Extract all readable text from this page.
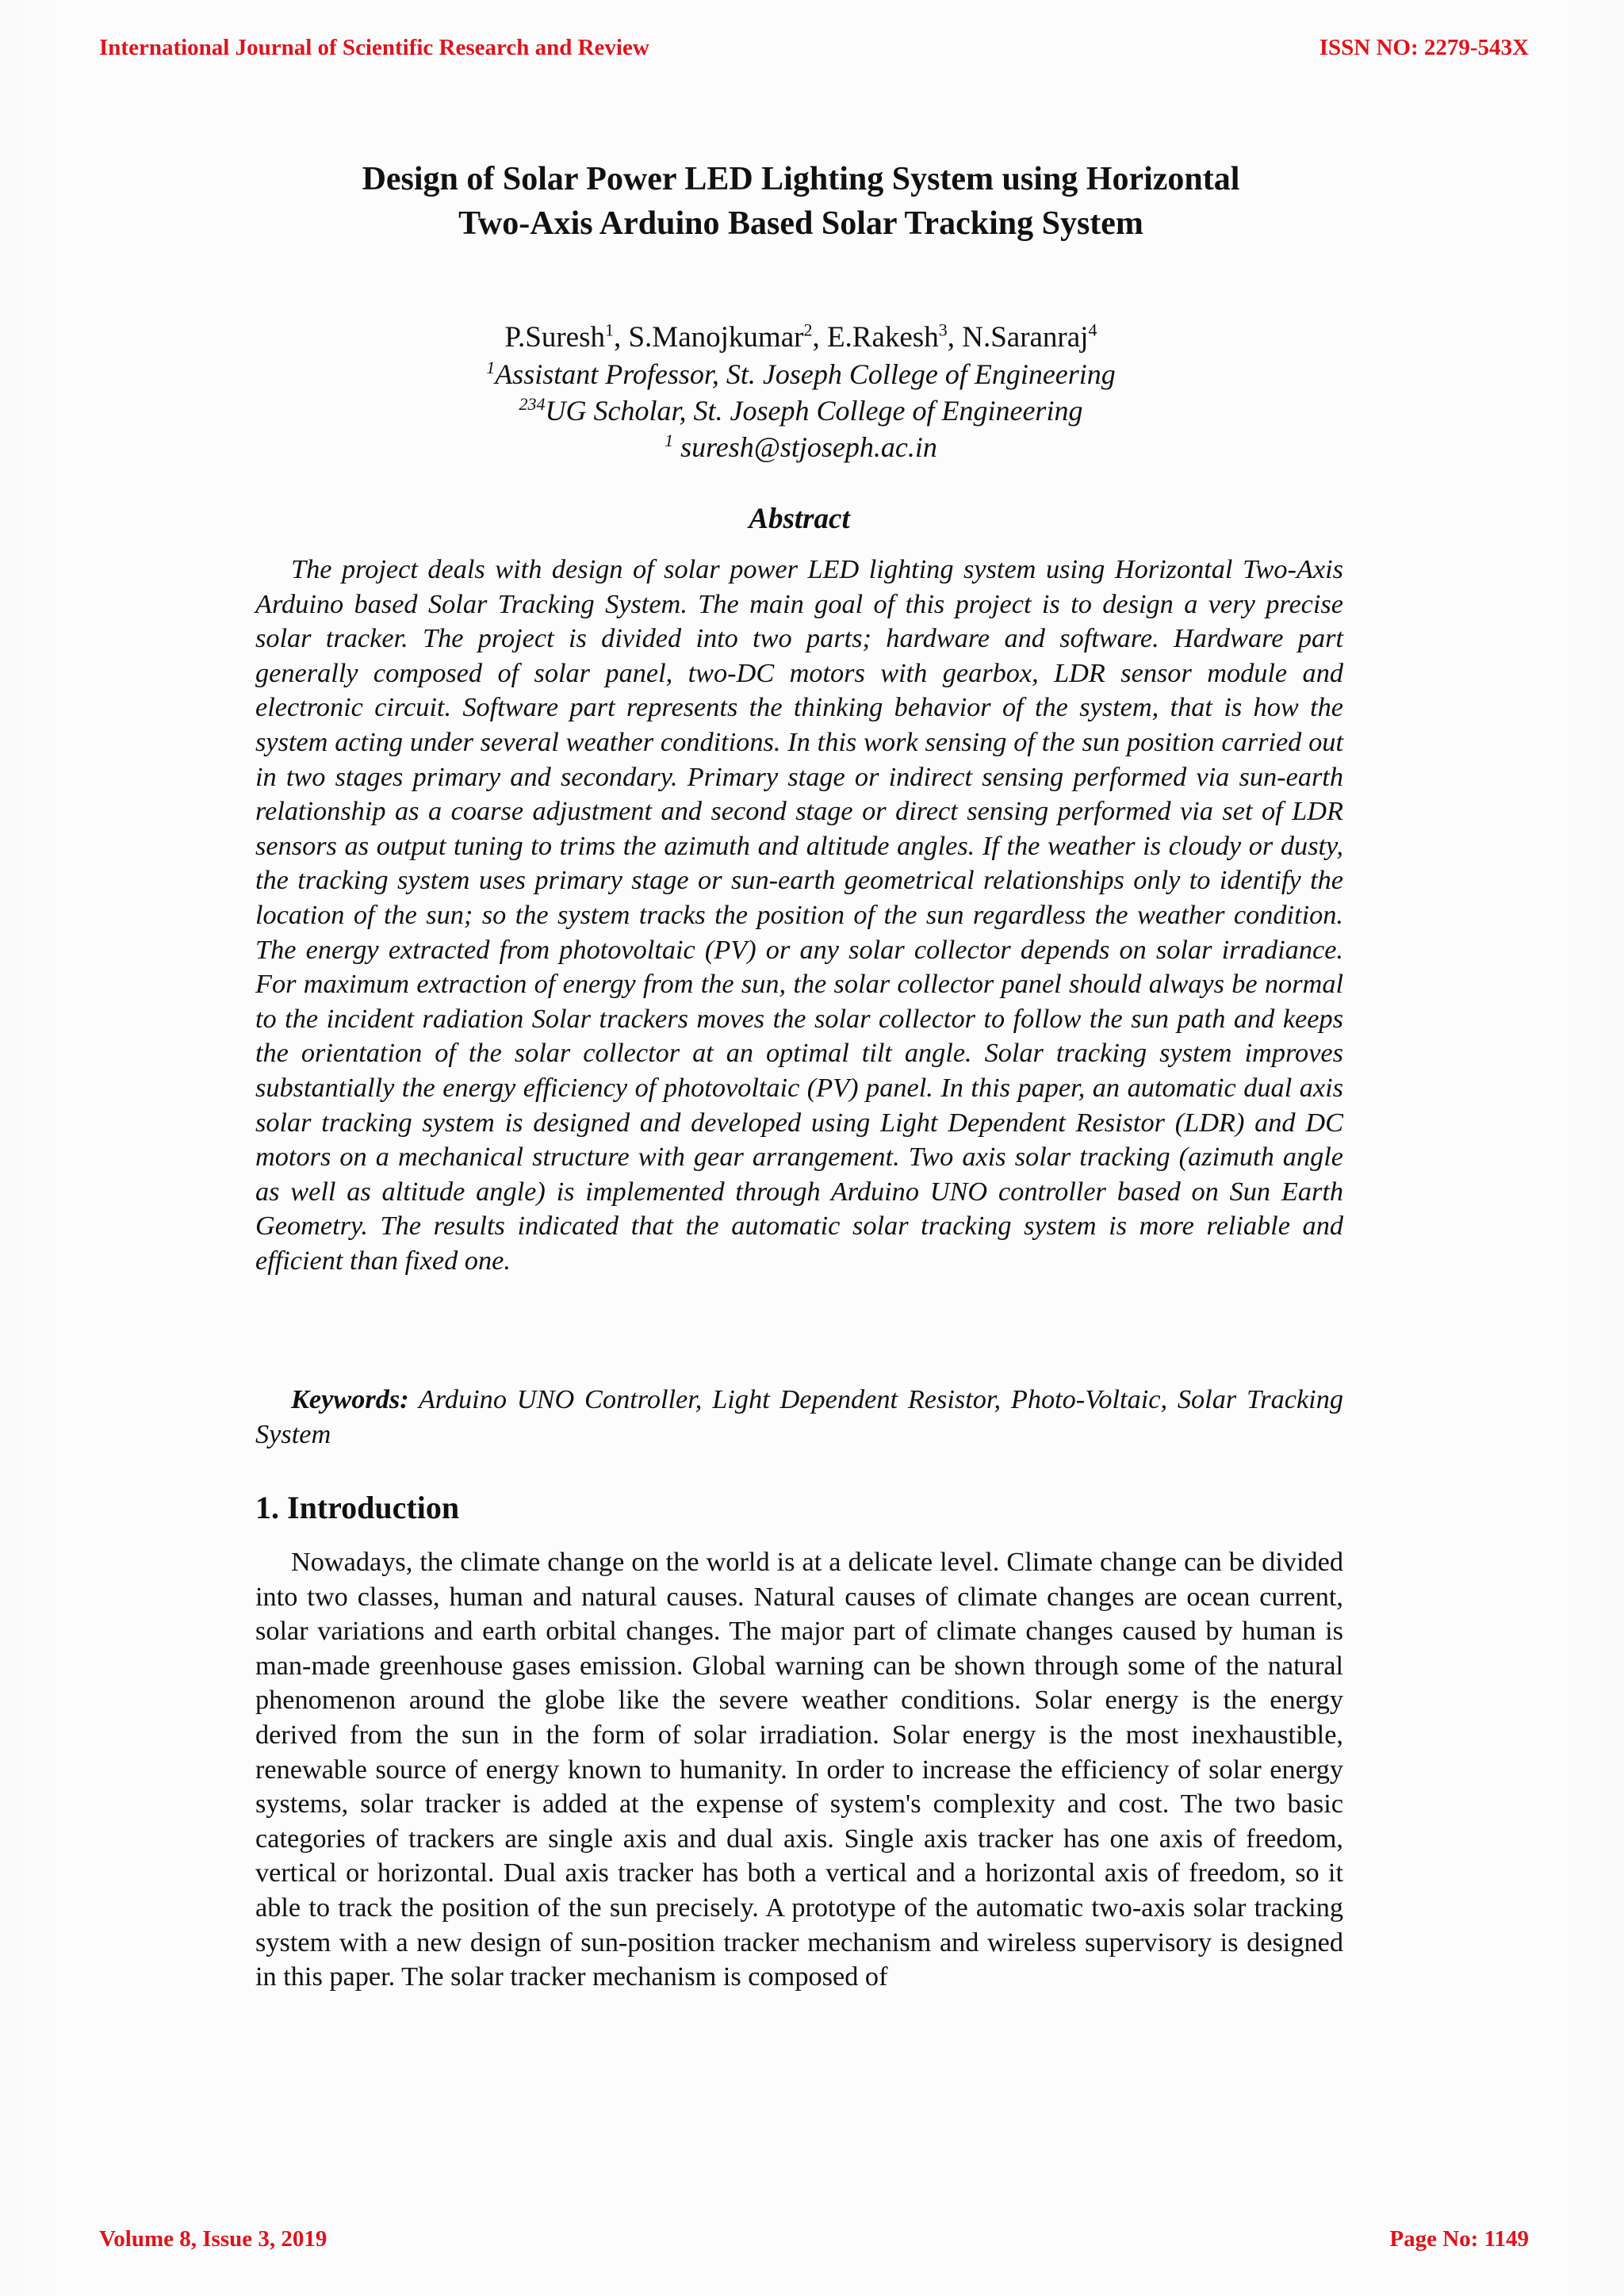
International Journal of Scientific Research and Review	ISSN NO: 2279-543X
Design of Solar Power LED Lighting System using Horizontal
Two-Axis Arduino Based Solar Tracking System
P.Suresh$^1$, S.Manojkumar$^2$, E.Rakesh$^3$, N.Saranraj$^4$
$^1$Assistant Professor, St. Joseph College of Engineering
$^{234}$UG Scholar, St. Joseph College of Engineering
$^1$ suresh@stjoseph.ac.in
Abstract
The project deals with design of solar power LED lighting system using Horizontal Two-Axis Arduino based Solar Tracking System. The main goal of this project is to design a very precise solar tracker. The project is divided into two parts; hardware and software. Hardware part generally composed of solar panel, two-DC motors with gearbox, LDR sensor module and electronic circuit. Software part represents the thinking behavior of the system, that is how the system acting under several weather conditions. In this work sensing of the sun position carried out in two stages primary and secondary. Primary stage or indirect sensing performed via sun-earth relationship as a coarse adjustment and second stage or direct sensing performed via set of LDR sensors as output tuning to trims the azimuth and altitude angles. If the weather is cloudy or dusty, the tracking system uses primary stage or sun-earth geometrical relationships only to identify the location of the sun; so the system tracks the position of the sun regardless the weather condition. The energy extracted from photovoltaic (PV) or any solar collector depends on solar irradiance. For maximum extraction of energy from the sun, the solar collector panel should always be normal to the incident radiation Solar trackers moves the solar collector to follow the sun path and keeps the orientation of the solar collector at an optimal tilt angle. Solar tracking system improves substantially the energy efficiency of photovoltaic (PV) panel. In this paper, an automatic dual axis solar tracking system is designed and developed using Light Dependent Resistor (LDR) and DC motors on a mechanical structure with gear arrangement. Two axis solar tracking (azimuth angle as well as altitude angle) is implemented through Arduino UNO controller based on Sun Earth Geometry. The results indicated that the automatic solar tracking system is more reliable and efficient than fixed one.
Keywords: Arduino UNO Controller, Light Dependent Resistor, Photo-Voltaic, Solar Tracking System
1. Introduction
Nowadays, the climate change on the world is at a delicate level. Climate change can be divided into two classes, human and natural causes. Natural causes of climate changes are ocean current, solar variations and earth orbital changes. The major part of climate changes caused by human is man-made greenhouse gases emission. Global warning can be shown through some of the natural phenomenon around the globe like the severe weather conditions. Solar energy is the energy derived from the sun in the form of solar irradiation. Solar energy is the most inexhaustible, renewable source of energy known to humanity. In order to increase the efficiency of solar energy systems, solar tracker is added at the expense of system's complexity and cost. The two basic categories of trackers are single axis and dual axis. Single axis tracker has one axis of freedom, vertical or horizontal. Dual axis tracker has both a vertical and a horizontal axis of freedom, so it able to track the position of the sun precisely. A prototype of the automatic two-axis solar tracking system with a new design of sun-position tracker mechanism and wireless supervisory is designed in this paper. The solar tracker mechanism is composed of
Volume 8, Issue 3, 2019	Page No: 1149
